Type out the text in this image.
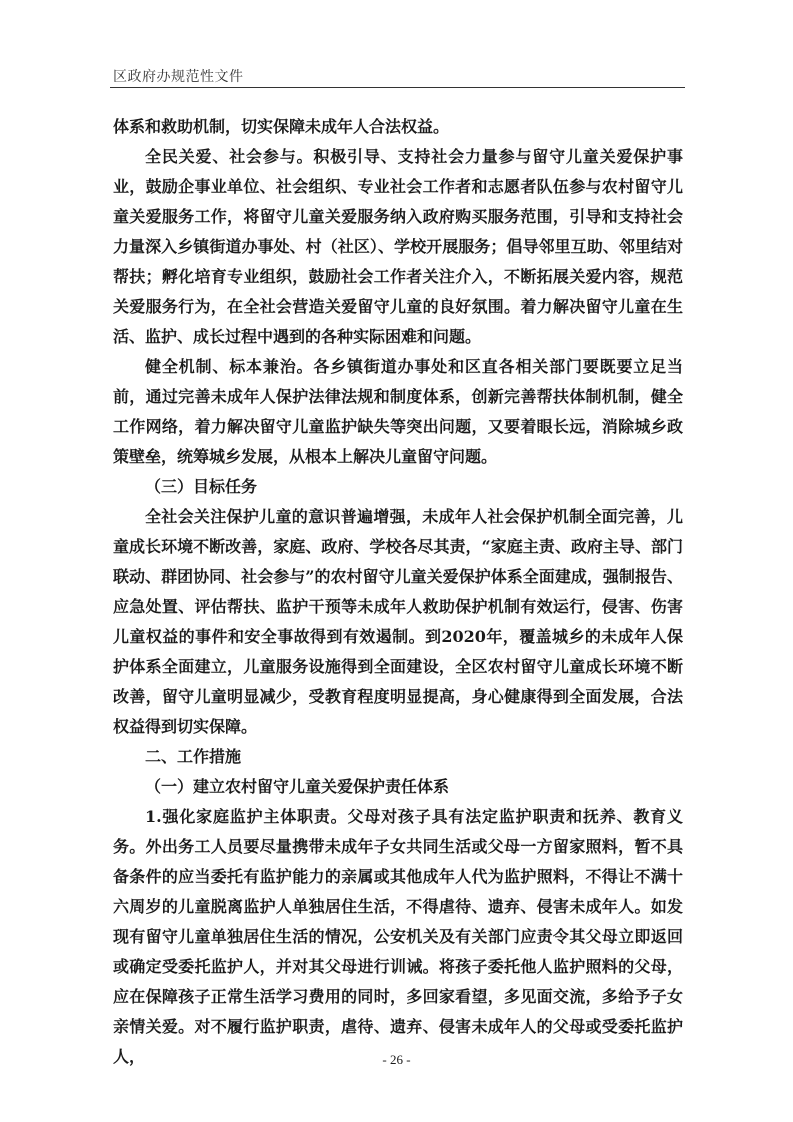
区政府办规范性文件

体系和救助机制，切实保障未成年人合法权益。

全民关爱、社会参与。积极引导、支持社会力量参与留守儿童关爱保护事业，鼓励企事业单位、社会组织、专业社会工作者和志愿者队伍参与农村留守儿童关爱服务工作，将留守儿童关爱服务纳入政府购买服务范围，引导和支持社会力量深入乡镇街道办事处、村（社区）、学校开展服务；倡导邻里互助、邻里结对帮扶；孵化培育专业组织，鼓励社会工作者关注介入，不断拓展关爱内容，规范关爱服务行为，在全社会营造关爱留守儿童的良好氛围。着力解决留守儿童在生活、监护、成长过程中遇到的各种实际困难和问题。

健全机制、标本兼治。各乡镇街道办事处和区直各相关部门要既要立足当前，通过完善未成年人保护法律法规和制度体系，创新完善帮扶体制机制，健全工作网络，着力解决留守儿童监护缺失等突出问题，又要着眼长远，消除城乡政策壁垒，统筹城乡发展，从根本上解决儿童留守问题。

（三）目标任务

全社会关注保护儿童的意识普遍增强，未成年人社会保护机制全面完善，儿童成长环境不断改善，家庭、政府、学校各尽其责，“家庭主责、政府主导、部门联动、群团协同、社会参与”的农村留守儿童关爱保护体系全面建成，强制报告、应急处置、评估帮扶、监护干预等未成年人救助保护机制有效运行，侵害、伤害儿童权益的事件和安全事故得到有效遏制。到2020年，覆盖城乡的未成年人保护体系全面建立，儿童服务设施得到全面建设，全区农村留守儿童成长环境不断改善，留守儿童明显减少，受教育程度明显提高，身心健康得到全面发展，合法权益得到切实保障。

二、工作措施

（一）建立农村留守儿童关爱保护责任体系

1.强化家庭监护主体职责。父母对孩子具有法定监护职责和抚养、教育义务。外出务工人员要尽量携带未成年子女共同生活或父母一方留家照料，暂不具备条件的应当委托有监护能力的亲属或其他成年人代为监护照料，不得让不满十六周岁的儿童脱离监护人单独居住生活，不得虐待、遗弃、侵害未成年人。如发现有留守儿童单独居住生活的情况，公安机关及有关部门应责令其父母立即返回或确定受委托监护人，并对其父母进行训诫。将孩子委托他人监护照料的父母，应在保障孩子正常生活学习费用的同时，多回家看望，多见面交流，多给予子女亲情关爱。对不履行监护职责，虐待、遗弃、侵害未成年人的父母或受委托监护人，	- 26 -
